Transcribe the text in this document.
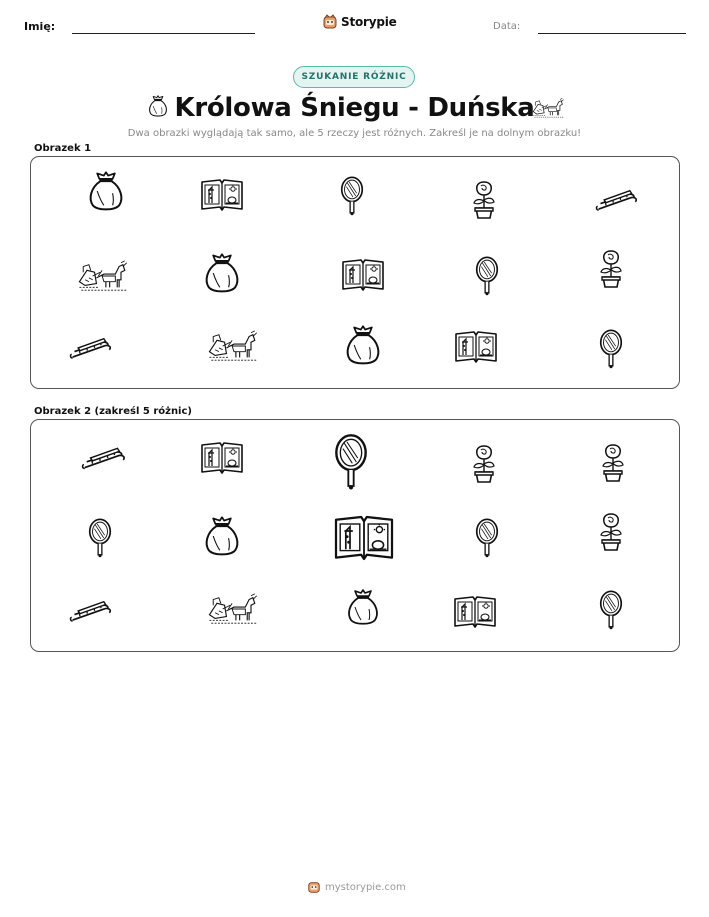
Imię:	Storypie	Data:
SZUKANIE RÓŻNIC
Królowa Śniegu - Duńska
Dwa obrazki wyglądają tak samo, ale 5 rzeczy jest różnych. Zakreśl je na dolnym obrazku!
Obrazek 1
Obrazek 2 (zakreśl 5 różnic)
mystorypie.com
